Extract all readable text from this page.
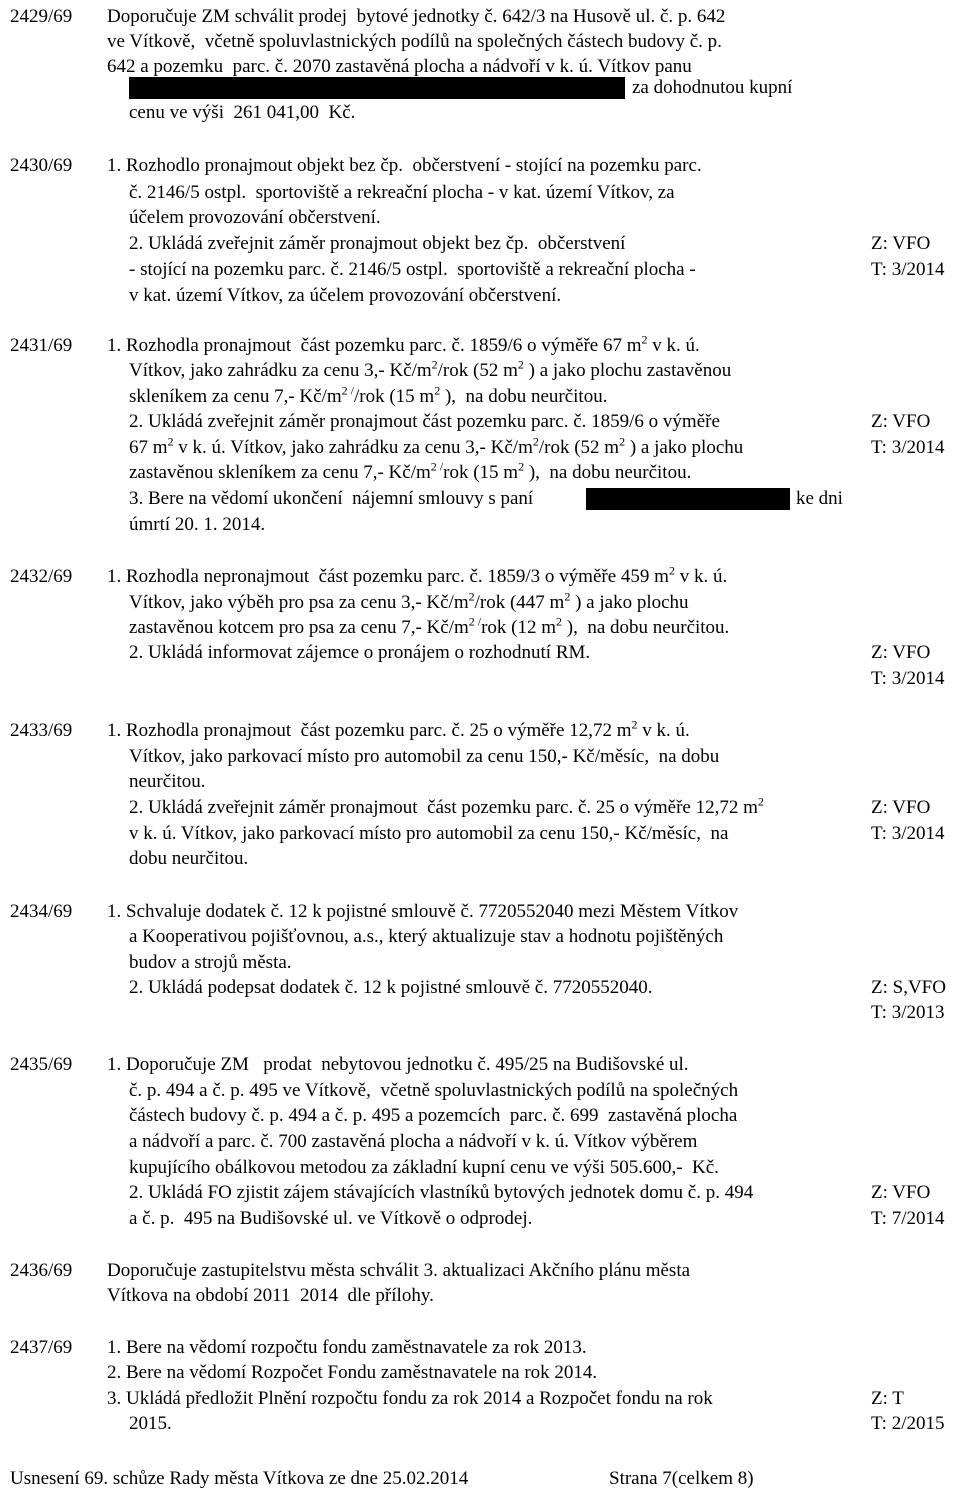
2429/69 Doporučuje ZM schválit prodej  bytové jednotky č. 642/3 na Husově ul. č. p. 642
ve Vítkově,  včetně spoluvlastnických podílů na společných částech budovy č. p.
642 a pozemku  parc. č. 2070 zastavěná plocha a nádvoří v k. ú. Vítkov panu
za dohodnutou kupní
cenu ve výši  261 041,00  Kč.
2430/69 1. Rozhodlo pronajmout objekt bez čp.  občerstvení - stojící na pozemku parc.
č. 2146/5 ostpl.  sportoviště a rekreační plocha - v kat. území Vítkov, za
účelem provozování občerstvení.
2. Ukládá zveřejnit záměr pronajmout objekt bez čp.  občerstvení	Z: VFO
- stojící na pozemku parc. č. 2146/5 ostpl.  sportoviště a rekreační plocha -	T: 3/2014
v kat. území Vítkov, za účelem provozování občerstvení.
2431/69 1. Rozhodla pronajmout  část pozemku parc. č. 1859/6 o výměře 67 $m^2$ v k. ú.
Vítkov, jako zahrádku za cenu 3,- $Kč/m^2$/rok (52 $m^2$ ) a jako plochu zastavěnou
skleníkem za cenu 7,- $Kč/m^{2 /}$/rok (15 $m^2$ ),  na dobu neurčitou.
2. Ukládá zveřejnit záměr pronajmout část pozemku parc. č. 1859/6 o výměře	Z: VFO
67 $m^2$ v k. ú. Vítkov, jako zahrádku za cenu 3,- $Kč/m^2$/rok (52 $m^2$ ) a jako plochu	T: 3/2014
zastavěnou skleníkem za cenu 7,- $Kč/m^{2 /}rok$ (15 $m^2$ ),  na dobu neurčitou.
3. Bere na vědomí ukončení  nájemní smlouvy s paní	ke dni
úmrtí 20. 1. 2014.
2432/69 1. Rozhodla nepronajmout  část pozemku parc. č. 1859/3 o výměře 459 $m^2$ v k. ú.
Vítkov, jako výběh pro psa za cenu 3,- $Kč/m^2$/rok (447 $m^2$ ) a jako plochu
zastavěnou kotcem pro psa za cenu 7,- $Kč/m^{2 /}rok$ (12 $m^2$ ),  na dobu neurčitou.
2. Ukládá informovat zájemce o pronájem o rozhodnutí RM.	Z: VFO
T: 3/2014
2433/69 1. Rozhodla pronajmout  část pozemku parc. č. 25 o výměře 12,72 $m^2$ v k. ú.
Vítkov, jako parkovací místo pro automobil za cenu 150,- Kč/měsíc,  na dobu
neurčitou.
2. Ukládá zveřejnit záměr pronajmout  část pozemku parc. č. 25 o výměře 12,72 $m^2$	Z: VFO
v k. ú. Vítkov, jako parkovací místo pro automobil za cenu 150,- Kč/měsíc,  na	T: 3/2014
dobu neurčitou.
2434/69 1. Schvaluje dodatek č. 12 k pojistné smlouvě č. 7720552040 mezi Městem Vítkov
a Kooperativou pojišťovnou, a.s., který aktualizuje stav a hodnotu pojištěných
budov a strojů města.
2. Ukládá podepsat dodatek č. 12 k pojistné smlouvě č. 7720552040.	Z: S,VFO
T: 3/2013
2435/69 1. Doporučuje ZM   prodat  nebytovou jednotku č. 495/25 na Budišovské ul.
č. p. 494 a č. p. 495 ve Vítkově,  včetně spoluvlastnických podílů na společných
částech budovy č. p. 494 a č. p. 495 a pozemcích  parc. č. 699  zastavěná plocha
a nádvoří a parc. č. 700 zastavěná plocha a nádvoří v k. ú. Vítkov výběrem
kupujícího obálkovou metodou za základní kupní cenu ve výši 505.600,-  Kč.
2. Ukládá FO zjistit zájem stávajících vlastníků bytových jednotek domu č. p. 494	Z: VFO
a č. p.  495 na Budišovské ul. ve Vítkově o odprodej.	T: 7/2014
2436/69 Doporučuje zastupitelstvu města schválit 3. aktualizaci Akčního plánu města
Vítkova na období 2011  2014  dle přílohy.
2437/69 1. Bere na vědomí rozpočtu fondu zaměstnavatele za rok 2013.
2. Bere na vědomí Rozpočet Fondu zaměstnavatele na rok 2014.
3. Ukládá předložit Plnění rozpočtu fondu za rok 2014 a Rozpočet fondu na rok	Z: T
2015.	T: 2/2015
Usnesení 69. schůze Rady města Vítkova ze dne 25.02.2014	Strana 7(celkem 8)
